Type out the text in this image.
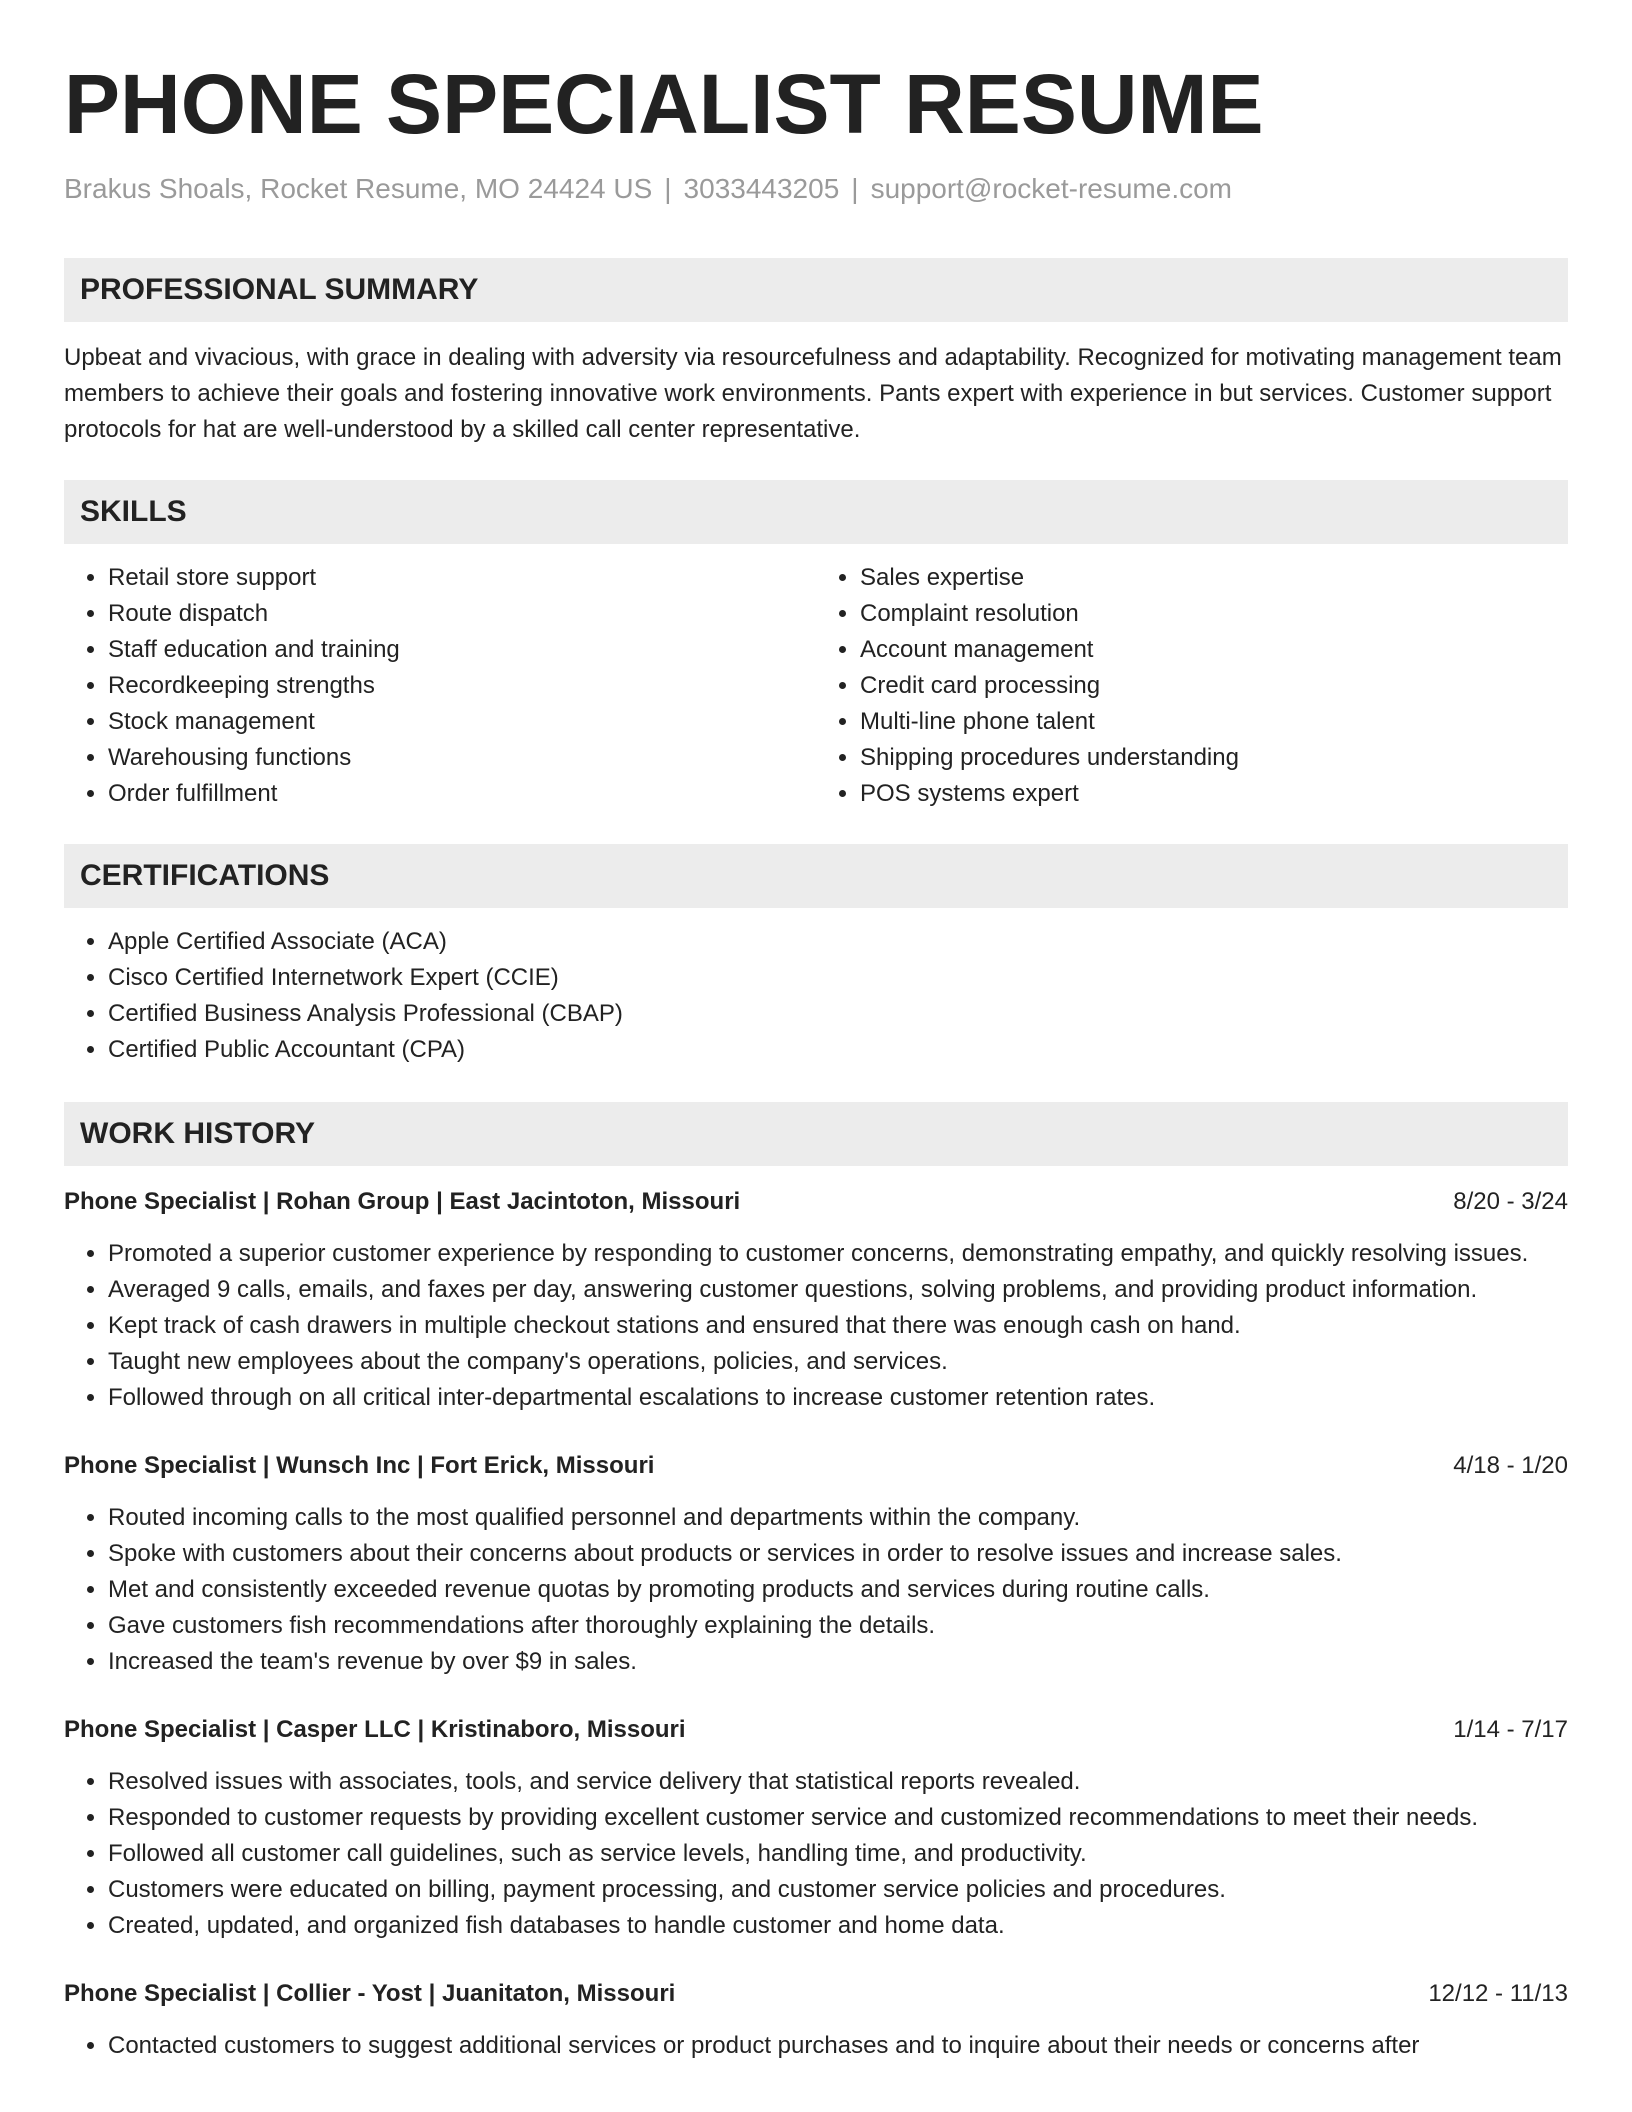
PHONE SPECIALIST RESUME
Brakus Shoals, Rocket Resume, MO 24424 US | 3033443205 | support@rocket-resume.com
PROFESSIONAL SUMMARY

Upbeat and vivacious, with grace in dealing with adversity via resourcefulness and adaptability. Recognized for motivating management team members to achieve their goals and fostering innovative work environments. Pants expert with experience in but services. Customer support protocols for hat are well-understood by a skilled call center representative.

SKILLS
• Retail store support
• Route dispatch
• Staff education and training
• Recordkeeping strengths
• Stock management
• Warehousing functions
• Order fulfillment
• Sales expertise
• Complaint resolution
• Account management
• Credit card processing
• Multi-line phone talent
• Shipping procedures understanding
• POS systems expert
CERTIFICATIONS
• Apple Certified Associate (ACA)
• Cisco Certified Internetwork Expert (CCIE)
• Certified Business Analysis Professional (CBAP)
• Certified Public Accountant (CPA)
WORK HISTORY
Phone Specialist | Rohan Group | East Jacintoton, Missouri	8/20 - 3/24
• Promoted a superior customer experience by responding to customer concerns, demonstrating empathy, and quickly resolving issues.
• Averaged 9 calls, emails, and faxes per day, answering customer questions, solving problems, and providing product information.
• Kept track of cash drawers in multiple checkout stations and ensured that there was enough cash on hand.
• Taught new employees about the company's operations, policies, and services.
• Followed through on all critical inter-departmental escalations to increase customer retention rates.
Phone Specialist | Wunsch Inc | Fort Erick, Missouri	4/18 - 1/20
• Routed incoming calls to the most qualified personnel and departments within the company.
• Spoke with customers about their concerns about products or services in order to resolve issues and increase sales.
• Met and consistently exceeded revenue quotas by promoting products and services during routine calls.
• Gave customers fish recommendations after thoroughly explaining the details.
• Increased the team's revenue by over $9 in sales.
Phone Specialist | Casper LLC | Kristinaboro, Missouri	1/14 - 7/17
• Resolved issues with associates, tools, and service delivery that statistical reports revealed.
• Responded to customer requests by providing excellent customer service and customized recommendations to meet their needs.
• Followed all customer call guidelines, such as service levels, handling time, and productivity.
• Customers were educated on billing, payment processing, and customer service policies and procedures.
• Created, updated, and organized fish databases to handle customer and home data.
Phone Specialist | Collier - Yost | Juanitaton, Missouri	12/12 - 11/13
• Contacted customers to suggest additional services or product purchases and to inquire about their needs or concerns after
